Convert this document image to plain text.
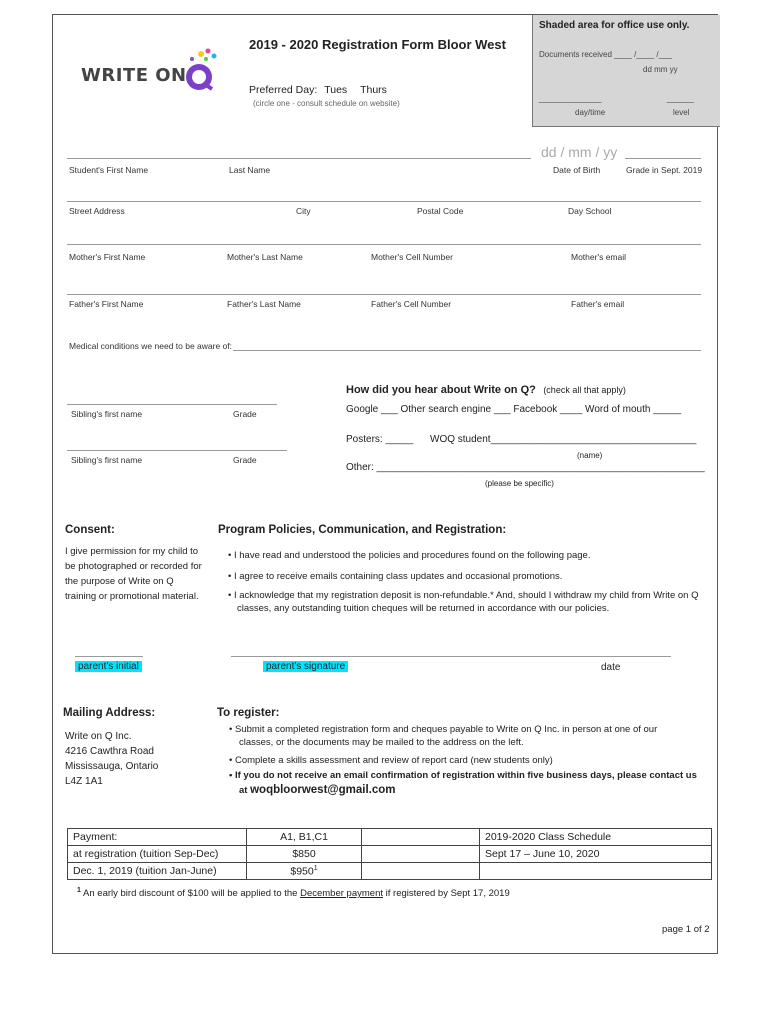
WRITE ON
2019 - 2020 Registration Form Bloor West
Preferred Day: Tues Thurs
(circle one - consult schedule on website)
Shaded area for office use only.
Documents received ____ /____ /___
dd mm yy
______________	______
day/time	level
dd / mm / yy
Student's First Name	Last Name	Date of Birth	Grade in Sept. 2019
Street Address	City	Postal Code	Day School
Mother's First Name	Mother's Last Name	Mother's Cell Number	Mother's email
Father's First Name	Father's Last Name	Father's Cell Number	Father's email
Medical conditions we need to be aware of:
Sibling's first name	Grade
Sibling's first name	Grade
How did you hear about Write on Q? (check all that apply)
Google ___ Other search engine ___ Facebook ____ Word of mouth _____
Posters: _____ WOQ student_____________________________________
(name)
Other: ___________________________________________________________
(please be specific)
Consent:
I give permission for my child to be photographed or recorded for the purpose of Write on Q training or promotional material.
Program Policies, Communication, and Registration:
• I have read and understood the policies and procedures found on the following page.
• I agree to receive emails containing class updates and occasional promotions.
• I acknowledge that my registration deposit is non-refundable.* And, should I withdraw my child from Write on Q classes, any outstanding tuition cheques will be returned in accordance with our policies.
parent's initial	parent's signature	date
Mailing Address:
Write on Q Inc.
4216 Cawthra Road
Mississauga, Ontario
L4Z 1A1
To register:
• Submit a completed registration form and cheques payable to Write on Q Inc. in person at one of our classes, or the documents may be mailed to the address on the left.
• Complete a skills assessment and review of report card (new students only)
• If you do not receive an email confirmation of registration within five business days, please contact us at woqbloorwest@gmail.com
Payment:	A1, B1,C1		2019-2020 Class Schedule
at registration (tuition Sep-Dec)	$850		Sept 17 – June 10, 2020
Dec. 1, 2019 (tuition Jan-June)	$\$950^1$		
$^1$ An early bird discount of $100 will be applied to the December payment if registered by Sept 17, 2019
page 1 of 2
